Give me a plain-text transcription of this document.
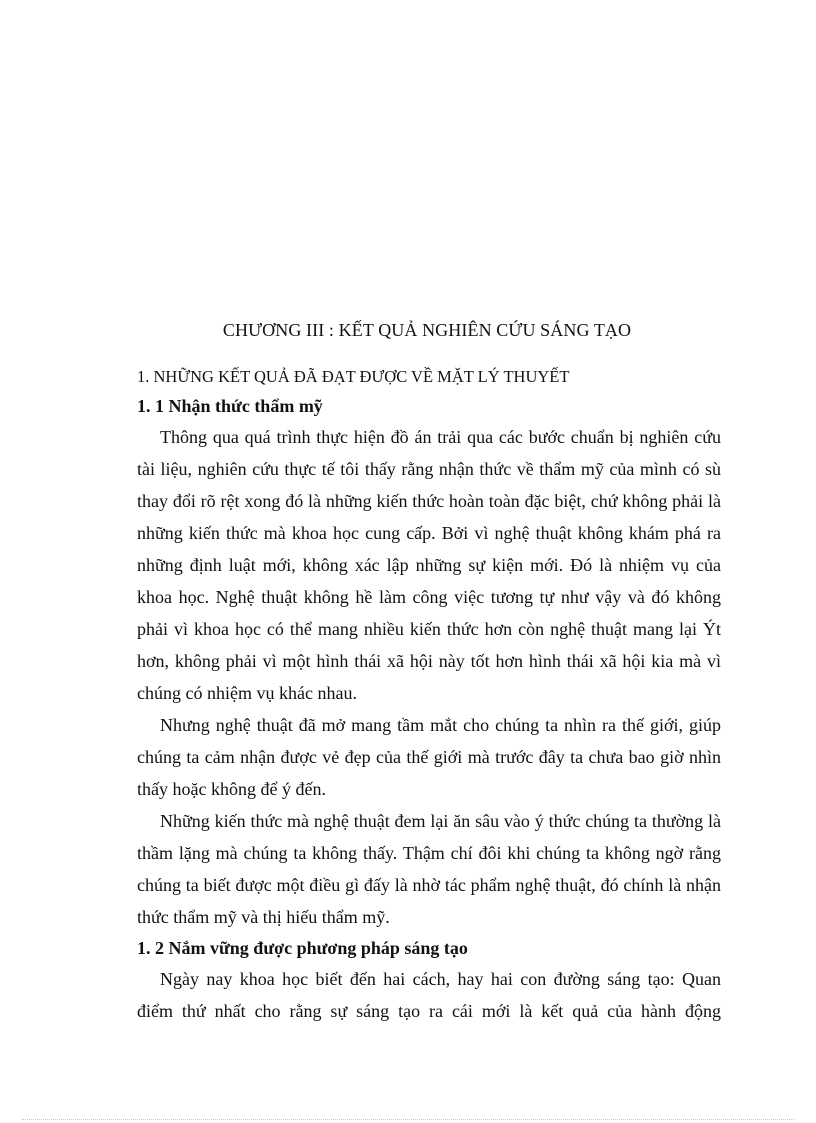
CHƯƠNG III : KẾT QUẢ NGHIÊN CỨU SÁNG TẠO

1. NHỮNG KẾT QUẢ ĐÃ ĐẠT ĐƯỢC VỀ MẶT LÝ THUYẾT

1. 1 Nhận thức thẩm mỹ

Thông qua quá trình thực hiện đồ án trải qua các bước chuẩn bị nghiên cứu tài liệu, nghiên cứu thực tế tôi thấy rằng nhận thức về thẩm mỹ của mình có sù thay đổi rõ rệt xong đó là những kiến thức hoàn toàn đặc biệt, chứ không phải là những kiến thức mà khoa học cung cấp. Bởi vì nghệ thuật không khám phá ra những định luật mới, không xác lập những sự kiện mới. Đó là nhiệm vụ của khoa học. Nghệ thuật không hề làm công việc tương tự như vậy và đó không phải vì khoa học có thể mang nhiều kiến thức hơn còn nghệ thuật mang lại Ýt hơn, không phải vì một hình thái xã hội này tốt hơn hình thái xã hội kia mà vì chúng có nhiệm vụ khác nhau.

Nhưng nghệ thuật đã mở mang tầm mắt cho chúng ta nhìn ra thế giới, giúp chúng ta cảm nhận được vẻ đẹp của thế giới mà trước đây ta chưa bao giờ nhìn thấy hoặc không để ý đến.

Những kiến thức mà nghệ thuật đem lại ăn sâu vào ý thức chúng ta thường là thầm lặng mà chúng ta không thấy. Thậm chí đôi khi chúng ta không ngờ rằng chúng ta biết được một điều gì đấy là nhờ tác phẩm nghệ thuật, đó chính là nhận thức thẩm mỹ và thị hiếu thẩm mỹ.

1. 2 Nắm vững được phương pháp sáng tạo

Ngày nay khoa học biết đến hai cách, hay hai con đường sáng tạo: Quan điểm thứ nhất cho rằng sự sáng tạo ra cái mới là kết quả của hành động
